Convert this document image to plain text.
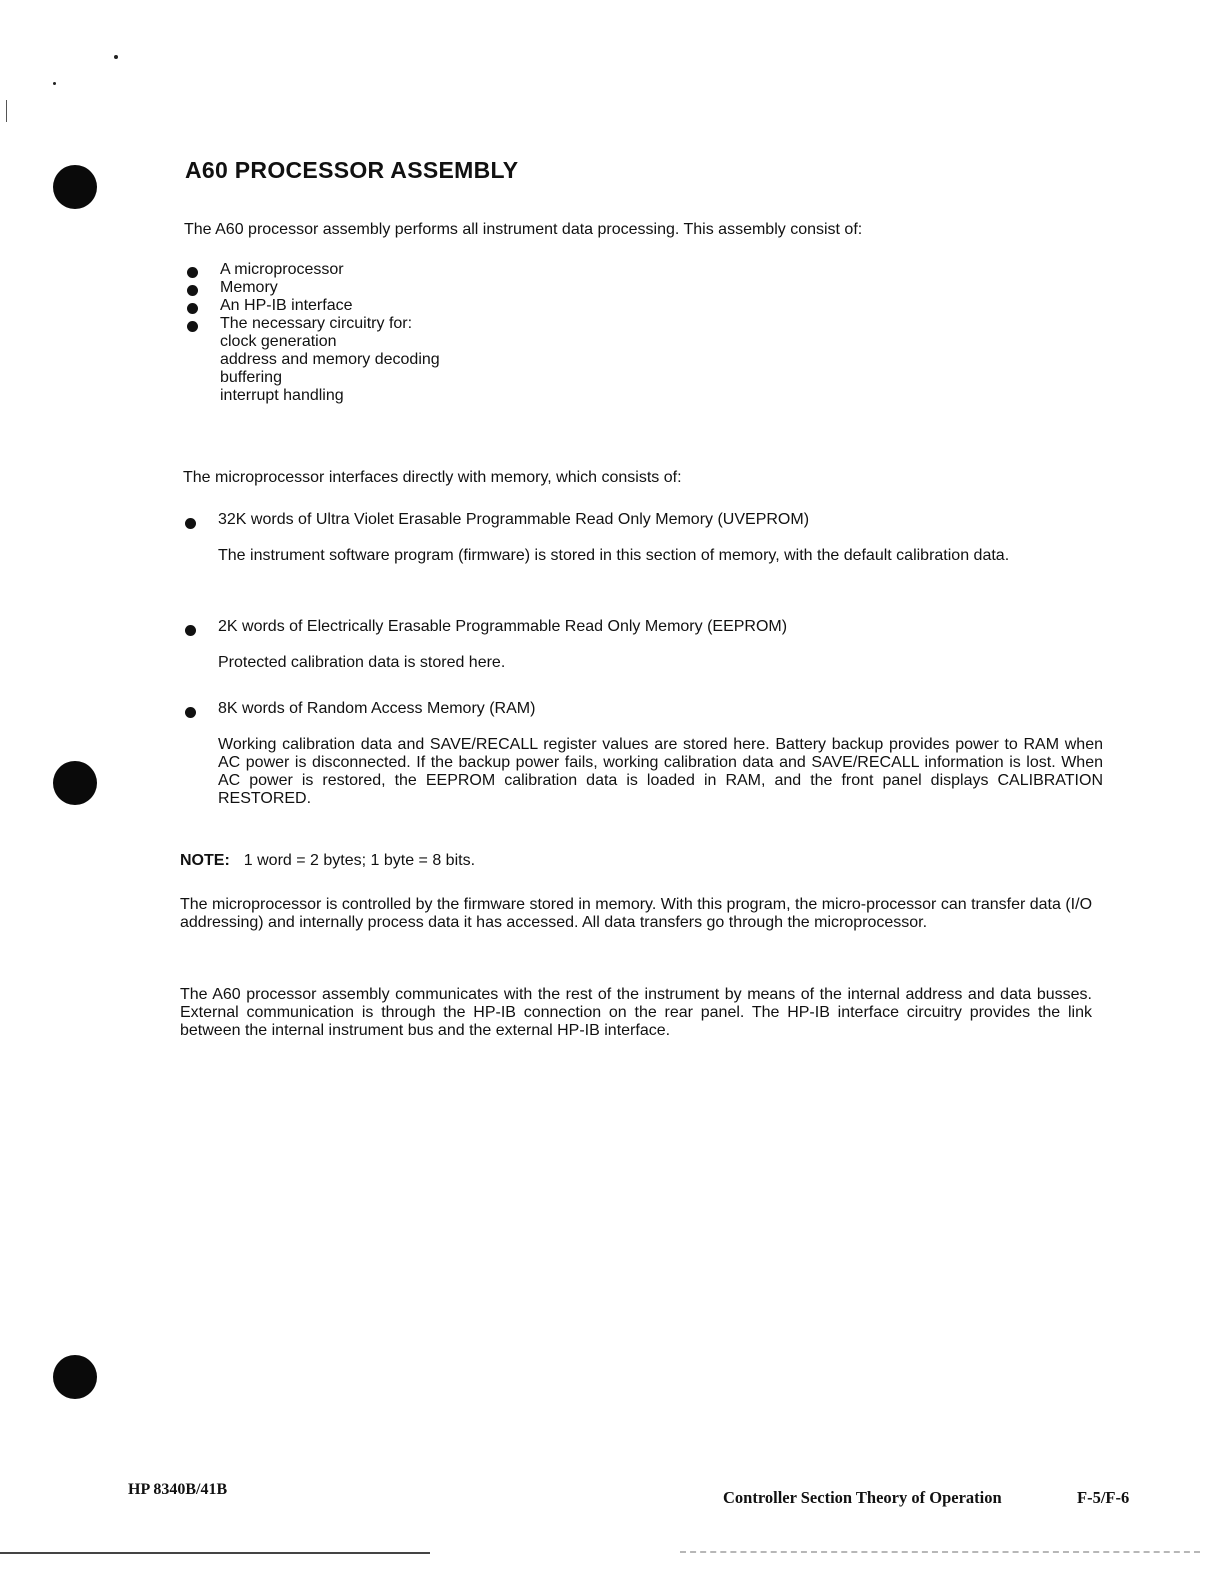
A60 PROCESSOR ASSEMBLY

The A60 processor assembly performs all instrument data processing. This assembly consist of:

A microprocessor
Memory
An HP-IB interface
The necessary circuitry for:
clock generation
address and memory decoding
buffering
interrupt handling

The microprocessor interfaces directly with memory, which consists of:

32K words of Ultra Violet Erasable Programmable Read Only Memory (UVEPROM)

The instrument software program (firmware) is stored in this section of memory, with the default calibration data.

2K words of Electrically Erasable Programmable Read Only Memory (EEPROM)

Protected calibration data is stored here.

8K words of Random Access Memory (RAM)

Working calibration data and SAVE/RECALL register values are stored here. Battery backup provides power to RAM when AC power is disconnected. If the backup power fails, working calibration data and SAVE/RECALL information is lost. When AC power is restored, the EEPROM calibration data is loaded in RAM, and the front panel displays CALIBRATION RESTORED.

NOTE: 1 word = 2 bytes; 1 byte = 8 bits.

The microprocessor is controlled by the firmware stored in memory. With this program, the micro-processor can transfer data (I/O addressing) and internally process data it has accessed. All data transfers go through the microprocessor.

The A60 processor assembly communicates with the rest of the instrument by means of the internal address and data busses. External communication is through the HP-IB connection on the rear panel. The HP-IB interface circuitry provides the link between the internal instrument bus and the external HP-IB interface.

HP 8340B/41B	Controller Section Theory of Operation	F-5/F-6
